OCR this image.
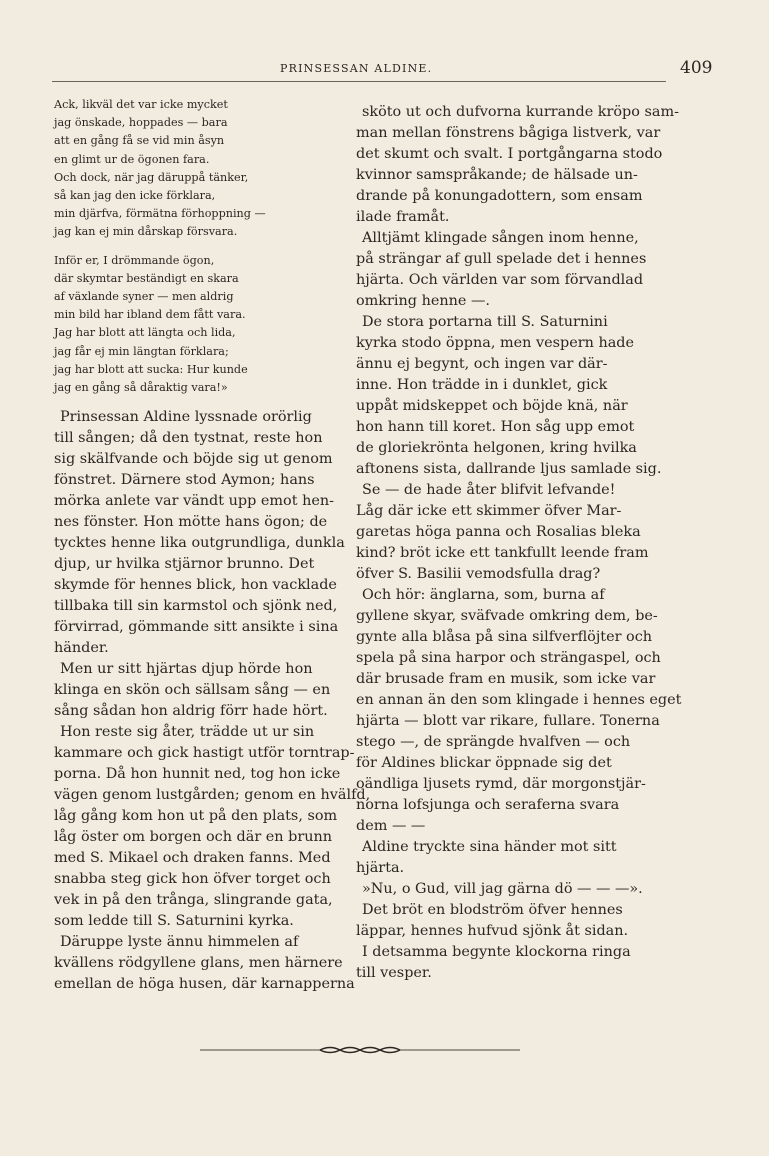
PRINSESSAN ALDINE.	409
Ack, likväl det var icke mycket
jag önskade, hoppades — bara
att en gång få se vid min åsyn
en glimt ur de ögonen fara.
Och dock, när jag däruppå tänker,
så kan jag den icke förklara,
min djärfva, förmätna förhoppning —
jag kan ej min dårskap försvara.
Inför er, I drömmande ögon,
där skymtar beständigt en skara
af växlande syner — men aldrig
min bild har ibland dem fått vara.
Jag har blott att längta och lida,
jag får ej min längtan förklara;
jag har blott att sucka: Hur kunde
jag en gång så dåraktig vara!»
Prinsessan Aldine lyssnade orörlig
till sången; då den tystnat, reste hon
sig skälfvande och böjde sig ut genom
fönstret. Därnere stod Aymon; hans
mörka anlete var vändt upp emot hen-
nes fönster. Hon mötte hans ögon; de
tycktes henne lika outgrundliga, dunkla
djup, ur hvilka stjärnor brunno. Det
skymde för hennes blick, hon vacklade
tillbaka till sin karmstol och sjönk ned,
förvirrad, gömmande sitt ansikte i sina
händer.
Men ur sitt hjärtas djup hörde hon
klinga en skön och sällsam sång — en
sång sådan hon aldrig förr hade hört.
Hon reste sig åter, trädde ut ur sin
kammare och gick hastigt utför torntrap-
porna. Då hon hunnit ned, tog hon icke
vägen genom lustgården; genom en hvälfd,
låg gång kom hon ut på den plats, som
låg öster om borgen och där en brunn
med S. Mikael och draken fanns. Med
snabba steg gick hon öfver torget och
vek in på den trånga, slingrande gata,
som ledde till S. Saturnini kyrka.
Däruppe lyste ännu himmelen af
kvällens rödgyllene glans, men härnere
emellan de höga husen, där karnapperna
sköto ut och dufvorna kurrande kröpo sam-
man mellan fönstrens bågiga listverk, var
det skumt och svalt. I portgångarna stodo
kvinnor samspråkande; de hälsade un-
drande på konungadottern, som ensam
ilade framåt.
Alltjämt klingade sången inom henne,
på strängar af gull spelade det i hennes
hjärta. Och världen var som förvandlad
omkring henne —.
De stora portarna till S. Saturnini
kyrka stodo öppna, men vespern hade
ännu ej begynt, och ingen var där-
inne. Hon trädde in i dunklet, gick
uppåt midskeppet och böjde knä, när
hon hann till koret. Hon såg upp emot
de gloriekrönta helgonen, kring hvilka
aftonens sista, dallrande ljus samlade sig.
Se — de hade åter blifvit lefvande!
Låg där icke ett skimmer öfver Mar-
garetas höga panna och Rosalias bleka
kind? bröt icke ett tankfullt leende fram
öfver S. Basilii vemodsfulla drag?
Och hör: änglarna, som, burna af
gyllene skyar, sväfvade omkring dem, be-
gynte alla blåsa på sina silfverflöjter och
spela på sina harpor och strängaspel, och
där brusade fram en musik, som icke var
en annan än den som klingade i hennes eget
hjärta — blott var rikare, fullare. Tonerna
stego —, de sprängde hvalfven — och
för Aldines blickar öppnade sig det
oändliga ljusets rymd, där morgonstjär-
norna lofsjunga och seraferna svara
dem — —
Aldine tryckte sina händer mot sitt
hjärta.
»Nu, o Gud, vill jag gärna dö — — —».
Det bröt en blodström öfver hennes
läppar, hennes hufvud sjönk åt sidan.
I detsamma begynte klockorna ringa
till vesper.
